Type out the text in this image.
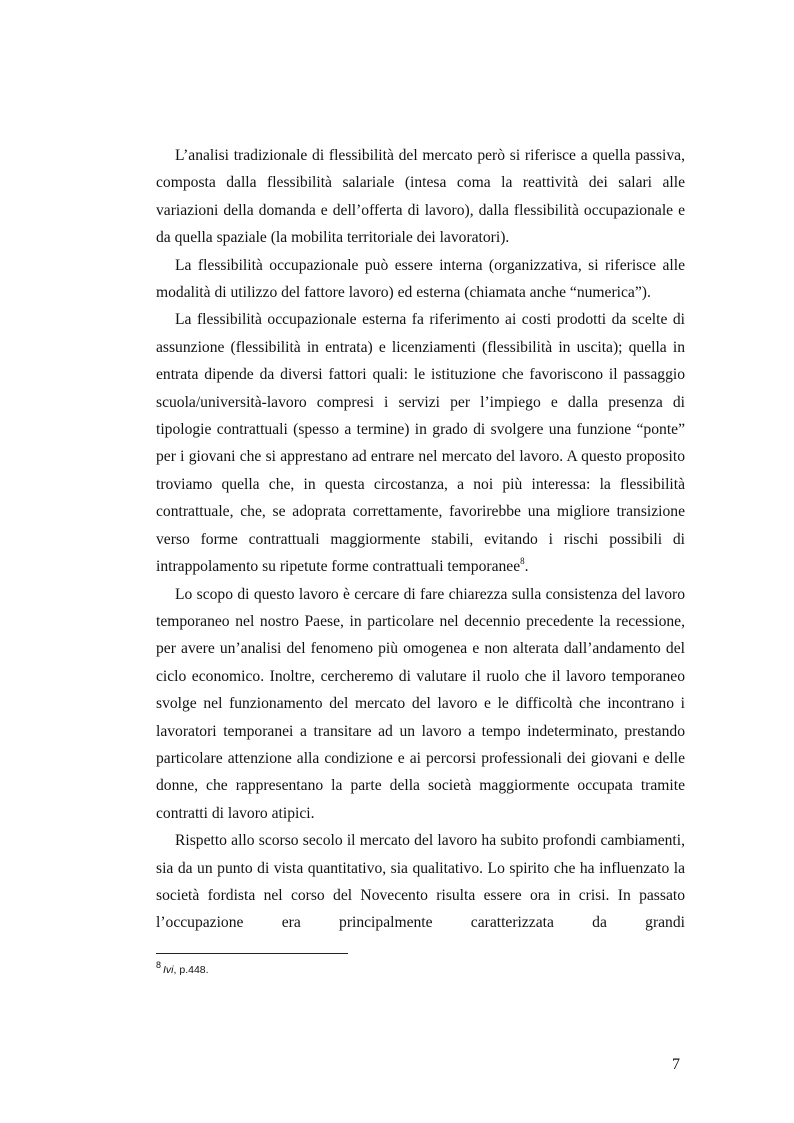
L’analisi tradizionale di flessibilità del mercato però si riferisce a quella passiva, composta dalla flessibilità salariale (intesa coma la reattività dei salari alle variazioni della domanda e dell’offerta di lavoro), dalla flessibilità occupazionale e da quella spaziale (la mobilita territoriale dei lavoratori).

La flessibilità occupazionale può essere interna (organizzativa, si riferisce alle modalità di utilizzo del fattore lavoro) ed esterna (chiamata anche “numerica”).

La flessibilità occupazionale esterna fa riferimento ai costi prodotti da scelte di assunzione (flessibilità in entrata) e licenziamenti (flessibilità in uscita); quella in entrata dipende da diversi fattori quali: le istituzione che favoriscono il passaggio scuola/università-lavoro compresi i servizi per l’impiego e dalla presenza di tipologie contrattuali (spesso a termine) in grado di svolgere una funzione “ponte” per i giovani che si apprestano ad entrare nel mercato del lavoro. A questo proposito troviamo quella che, in questa circostanza, a noi più interessa: la flessibilità contrattuale, che, se adoprata correttamente, favorirebbe una migliore transizione verso forme contrattuali maggiormente stabili, evitando i rischi possibili di intrappolamento su ripetute forme contrattuali temporanee$^8$.

Lo scopo di questo lavoro è cercare di fare chiarezza sulla consistenza del lavoro temporaneo nel nostro Paese, in particolare nel decennio precedente la recessione, per avere un’analisi del fenomeno più omogenea e non alterata dall’andamento del ciclo economico. Inoltre, cercheremo di valutare il ruolo che il lavoro temporaneo svolge nel funzionamento del mercato del lavoro e le difficoltà che incontrano i lavoratori temporanei a transitare ad un lavoro a tempo indeterminato, prestando particolare attenzione alla condizione e ai percorsi professionali dei giovani e delle donne, che rappresentano la parte della società maggiormente occupata tramite contratti di lavoro atipici.

Rispetto allo scorso secolo il mercato del lavoro ha subito profondi cambiamenti, sia da un punto di vista quantitativo, sia qualitativo. Lo spirito che ha influenzato la società fordista nel corso del Novecento risulta essere ora in crisi. In passato l’occupazione era principalmente caratterizzata da grandi

8 Ivi, p.448.
7
